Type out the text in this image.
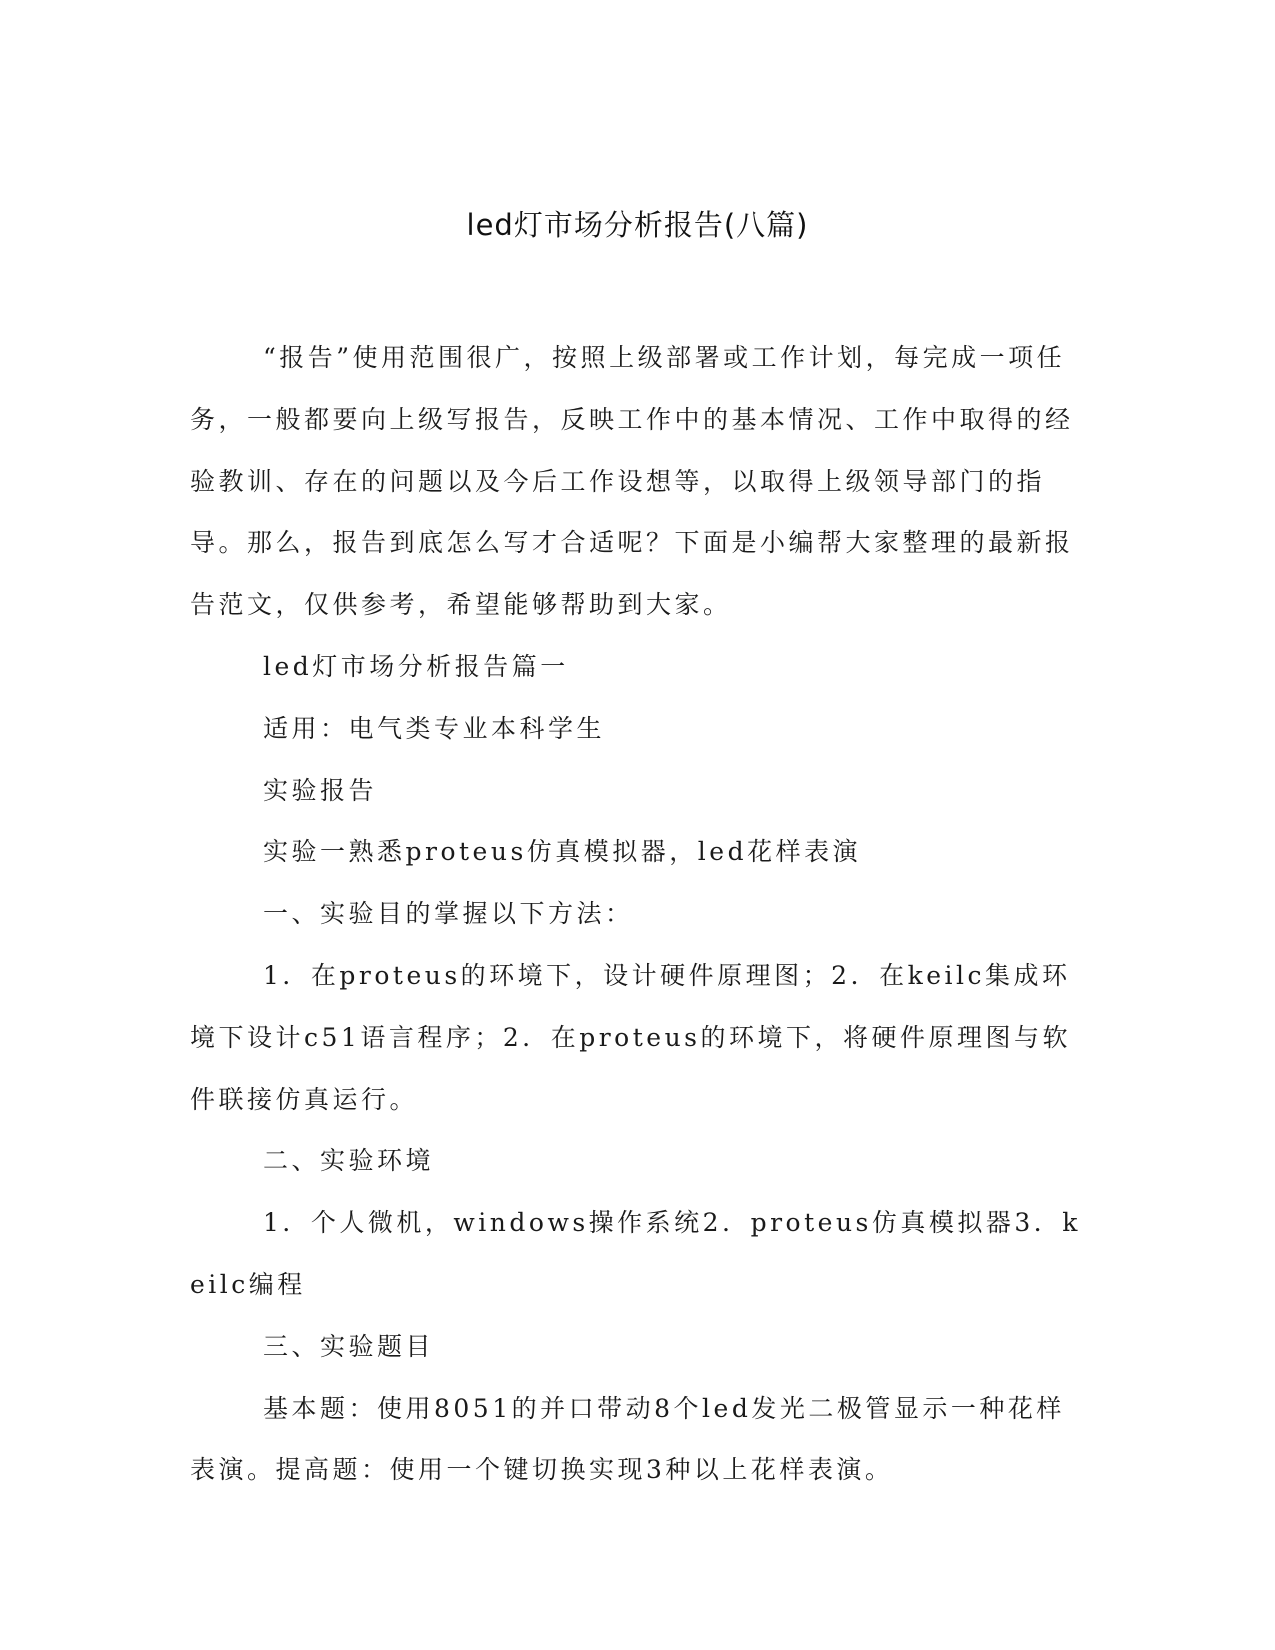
led灯市场分析报告(八篇)

“报告”使用范围很广，按照上级部署或工作计划，每完成一项任务，一般都要向上级写报告，反映工作中的基本情况、工作中取得的经验教训、存在的问题以及今后工作设想等，以取得上级领导部门的指导。那么，报告到底怎么写才合适呢？下面是小编帮大家整理的最新报告范文，仅供参考，希望能够帮助到大家。

led灯市场分析报告篇一

适用：电气类专业本科学生

实验报告

实验一熟悉proteus仿真模拟器，led花样表演

一、实验目的掌握以下方法：

1．在proteus的环境下，设计硬件原理图；2．在keilc集成环境下设计c51语言程序；2．在proteus的环境下，将硬件原理图与软件联接仿真运行。

二、实验环境

1．个人微机，windows操作系统2．proteus仿真模拟器3．keilc编程

三、实验题目

基本题：使用8051的并口带动8个led发光二极管显示一种花样表演。提高题：使用一个键切换实现3种以上花样表演。
